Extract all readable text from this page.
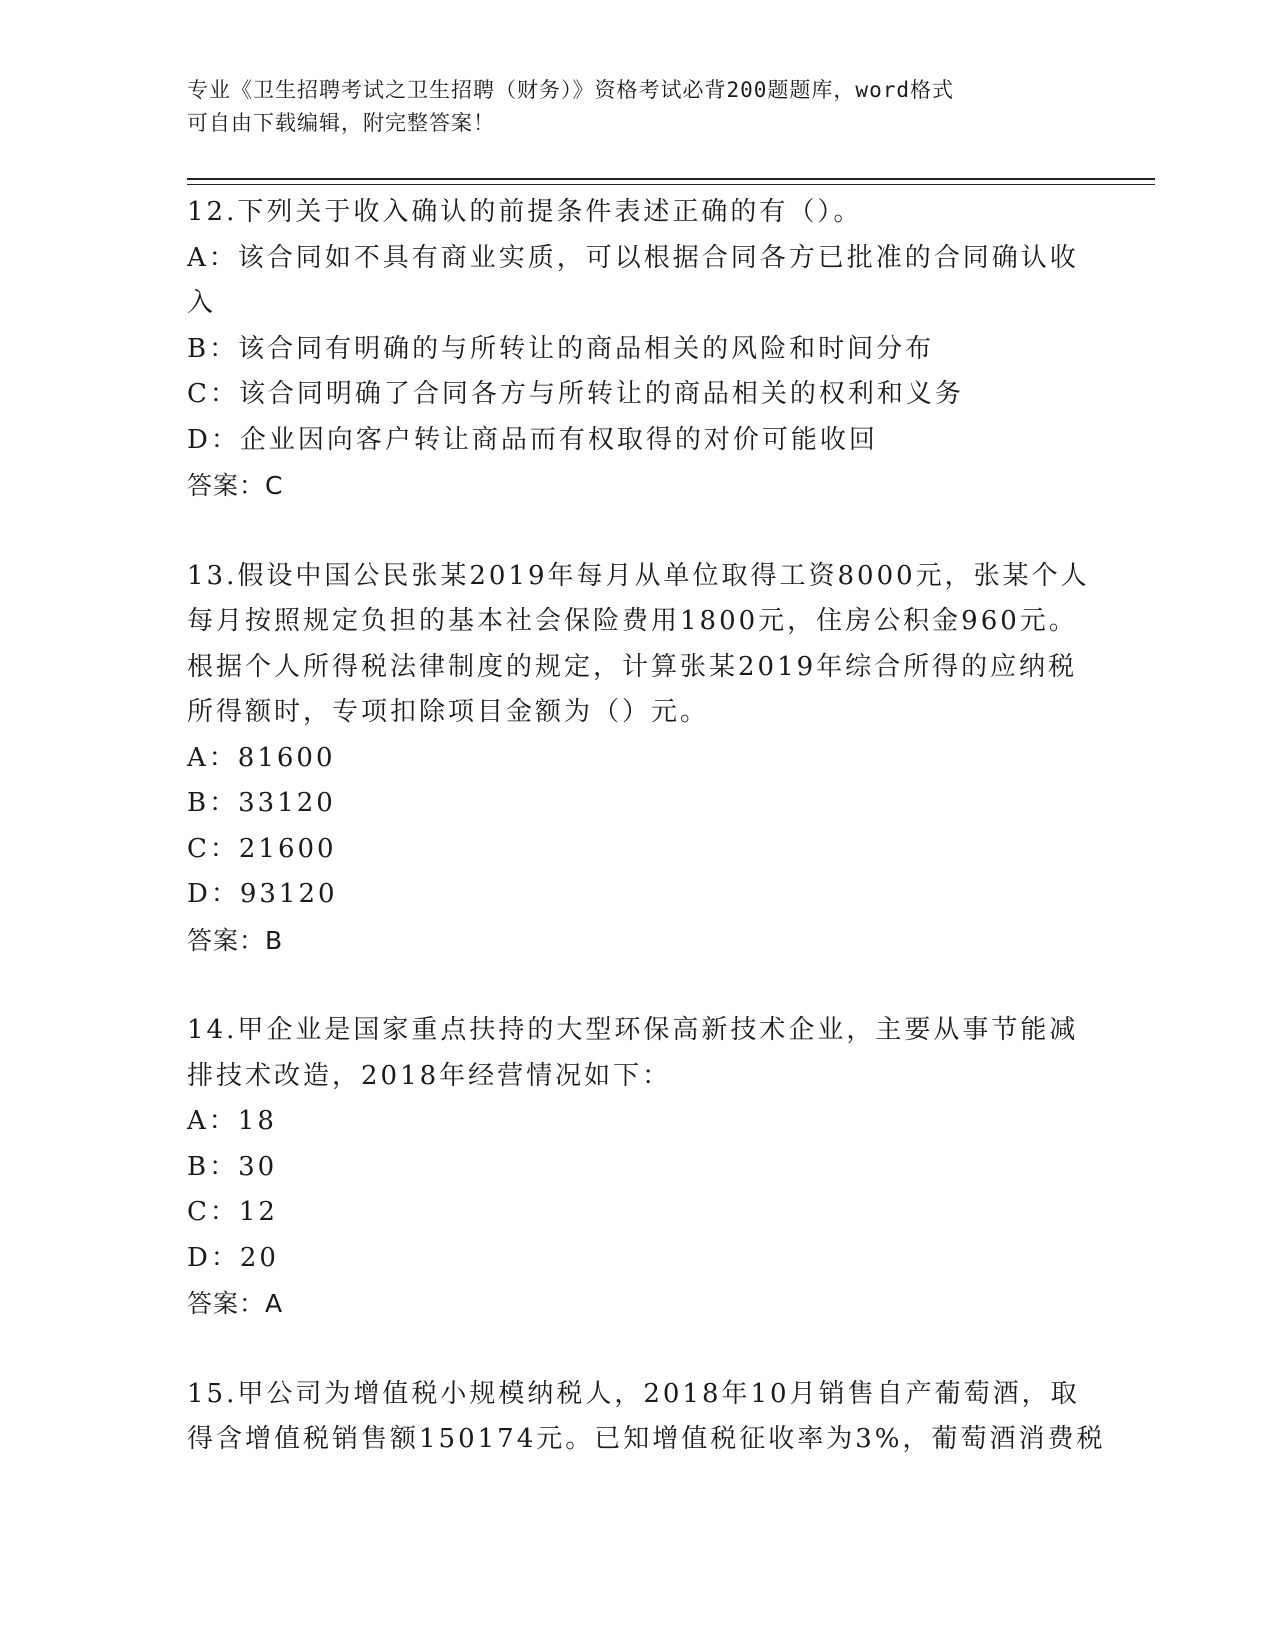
专业《卫生招聘考试之卫生招聘（财务）》资格考试必背200题题库，word格式
可自由下载编辑，附完整答案！

12.下列关于收入确认的前提条件表述正确的有（）。

A：该合同如不具有商业实质，可以根据合同各方已批准的合同确认收

入

B：该合同有明确的与所转让的商品相关的风险和时间分布

C：该合同明确了合同各方与所转让的商品相关的权利和义务

D：企业因向客户转让商品而有权取得的对价可能收回

答案：C

13.假设中国公民张某2019年每月从单位取得工资8000元，张某个人

每月按照规定负担的基本社会保险费用1800元，住房公积金960元。

根据个人所得税法律制度的规定，计算张某2019年综合所得的应纳税

所得额时，专项扣除项目金额为（）元。

A：81600

B：33120

C：21600

D：93120

答案：B

14.甲企业是国家重点扶持的大型环保高新技术企业，主要从事节能减

排技术改造，2018年经营情况如下：

A：18

B：30

C：12

D：20

答案：A

15.甲公司为增值税小规模纳税人，2018年10月销售自产葡萄酒，取

得含增值税销售额150174元。已知增值税征收率为3%，葡萄酒消费税
